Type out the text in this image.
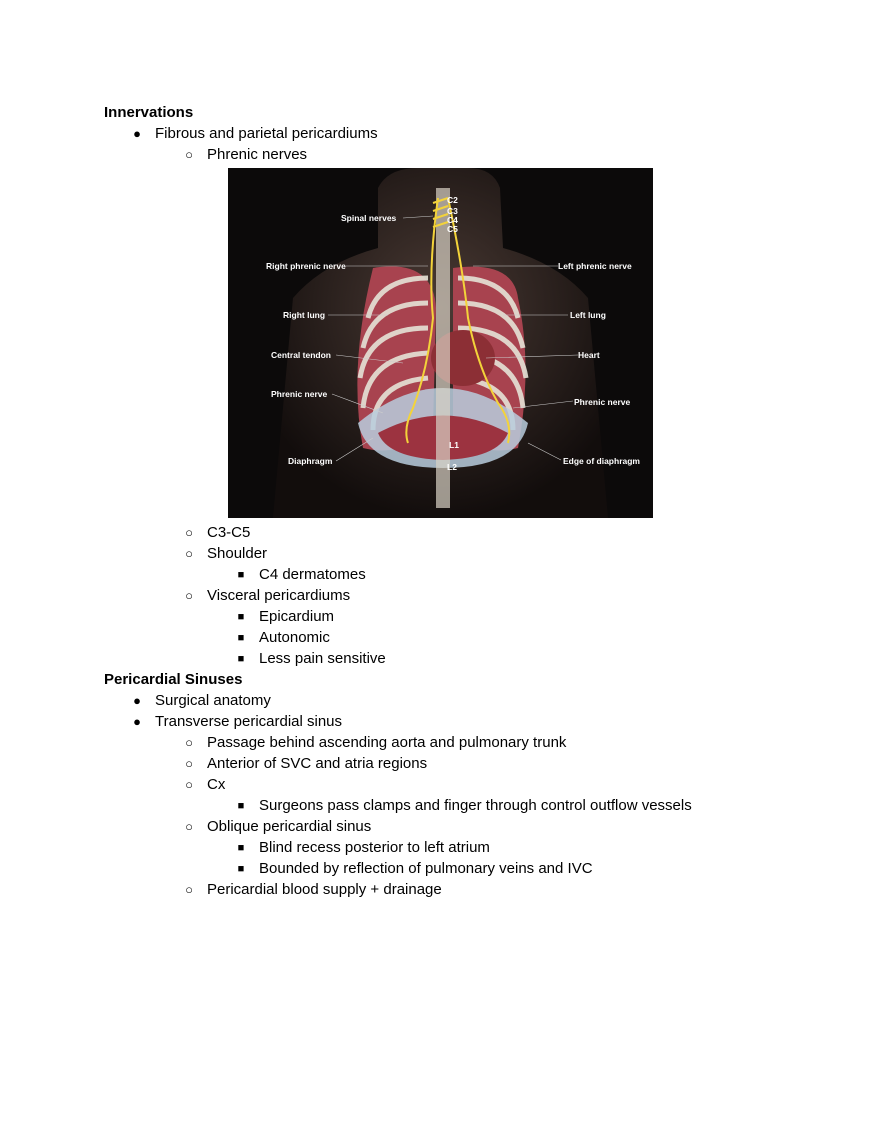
Innervations
● Fibrous and parietal pericardiums
○ Phrenic nerves
C2
C3
C4
C5
Spinal nerves
Right phrenic nerve	Left phrenic nerve
Right lung	Left lung
Central tendon	Heart
Phrenic nerve
Phrenic nerve
Diaphragm	Edge of diaphragm
L1
L2
○ C3-C5
○ Shoulder
■ C4 dermatomes
○ Visceral pericardiums
■ Epicardium
■ Autonomic
■ Less pain sensitive
Pericardial Sinuses
● Surgical anatomy
● Transverse pericardial sinus
○ Passage behind ascending aorta and pulmonary trunk
○ Anterior of SVC and atria regions
○ Cx
■ Surgeons pass clamps and finger through control outflow vessels
○ Oblique pericardial sinus
■ Blind recess posterior to left atrium
■ Bounded by reflection of pulmonary veins and IVC
○ Pericardial blood supply + drainage
